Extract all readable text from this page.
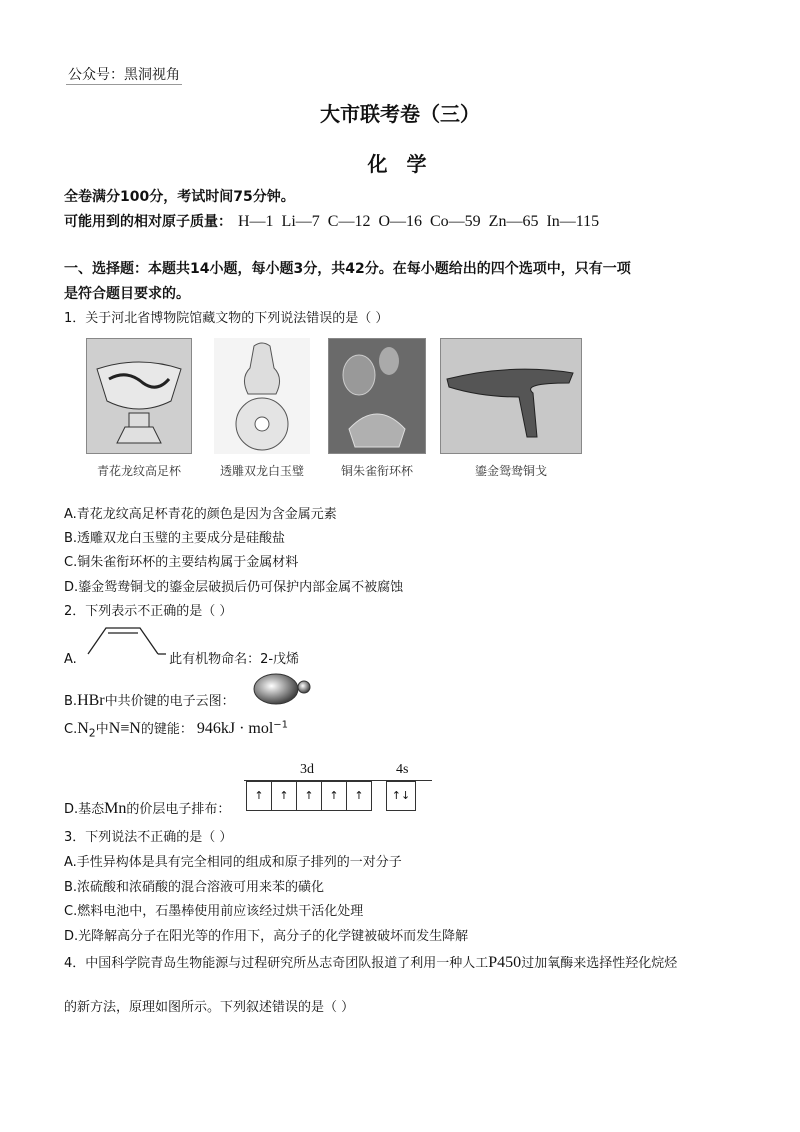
公众号：黑洞视角
大市联考卷（三）
化 学
全卷满分100分，考试时间75分钟。
可能用到的相对原子质量： H—1 Li—7 C—12 O—16 Co—59 Zn—65 In—115
一、选择题：本题共14小题，每小题3分，共42分。在每小题给出的四个选项中，只有一项
是符合题目要求的。
1．关于河北省博物院馆藏文物的下列说法错误的是（ ）
青花龙纹高足杯	透雕双龙白玉璧	铜朱雀衔环杯	鎏金鸳鸯铜戈
A.青花龙纹高足杯青花的颜色是因为含金属元素
B.透雕双龙白玉璧的主要成分是硅酸盐
C.铜朱雀衔环杯的主要结构属于金属材料
D.鎏金鸳鸯铜戈的鎏金层破损后仍可保护内部金属不被腐蚀
2．下列表示不正确的是（ ）
A.	此有机物命名：2-戊烯
B.HBr中共价键的电子云图：
$C.N_2$中N≡N的键能： 946kJ · mol$^{-1}$
3d	4s
↑ ↑ ↑ ↑ ↑	↑↓
D.基态Mn的价层电子排布：
3．下列说法不正确的是（ ）
A.手性异构体是具有完全相同的组成和原子排列的一对分子
B.浓硫酸和浓硝酸的混合溶液可用来苯的磺化
C.燃料电池中，石墨棒使用前应该经过烘干活化处理
D.光降解高分子在阳光等的作用下，高分子的化学键被破坏而发生降解
4．中国科学院青岛生物能源与过程研究所丛志奇团队报道了利用一种人工P450过加氧酶来选择性羟化烷烃
的新方法，原理如图所示。下列叙述错误的是（ ）
